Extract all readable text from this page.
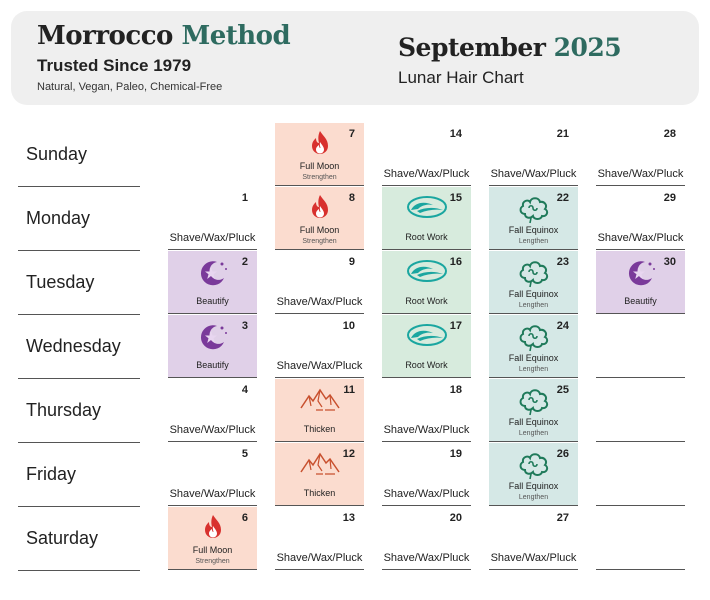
Morrocco Method
Trusted Since 1979
Natural, Vegan, Paleo, Chemical-Free
September 2025
Lunar Hair Chart
Sunday
Monday
Tuesday
Wednesday
Thursday
Friday
Saturday
1
Shave/Wax/Pluck
2
Beautify
3
Beautify
4
Shave/Wax/Pluck
5
Shave/Wax/Pluck
6
Full Moon
Strengthen
7
Full Moon
Strengthen
8
Full Moon
Strengthen
9
Shave/Wax/Pluck
10
Shave/Wax/Pluck
11
Thicken
12
Thicken
13
Shave/Wax/Pluck
14
Shave/Wax/Pluck
15
Root Work
16
Root Work
17
Root Work
18
Shave/Wax/Pluck
19
Shave/Wax/Pluck
20
Shave/Wax/Pluck
21
Shave/Wax/Pluck
22
Fall Equinox
Lengthen
23
Fall Equinox
Lengthen
24
Fall Equinox
Lengthen
25
Fall Equinox
Lengthen
26
Fall Equinox
Lengthen
27
Shave/Wax/Pluck
28
Shave/Wax/Pluck
29
Shave/Wax/Pluck
30
Beautify
